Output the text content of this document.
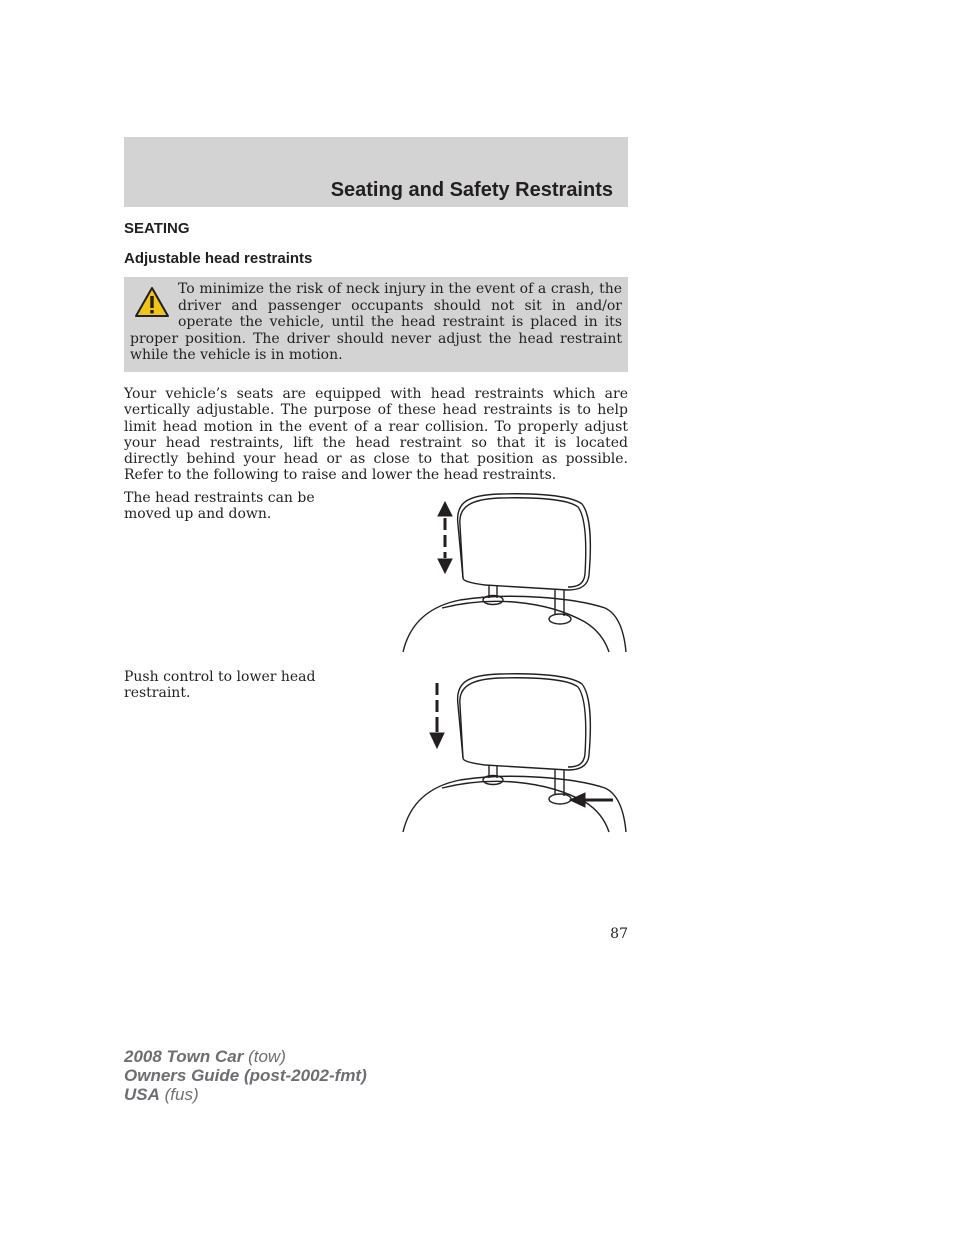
Seating and Safety Restraints
SEATING
Adjustable head restraints

To minimize the risk of neck injury in the event of a crash, the driver and passenger occupants should not sit in and/or operate the vehicle, until the head restraint is placed in its proper position. The driver should never adjust the head restraint while the vehicle is in motion.

Your vehicle’s seats are equipped with head restraints which are vertically adjustable. The purpose of these head restraints is to help limit head motion in the event of a rear collision. To properly adjust your head restraints, lift the head restraint so that it is located directly behind your head or as close to that position as possible. Refer to the following to raise and lower the head restraints.

The head restraints can be moved up and down.

Push control to lower head restraint.

87
2008 Town Car (tow)
Owners Guide (post-2002-fmt)
USA (fus)
